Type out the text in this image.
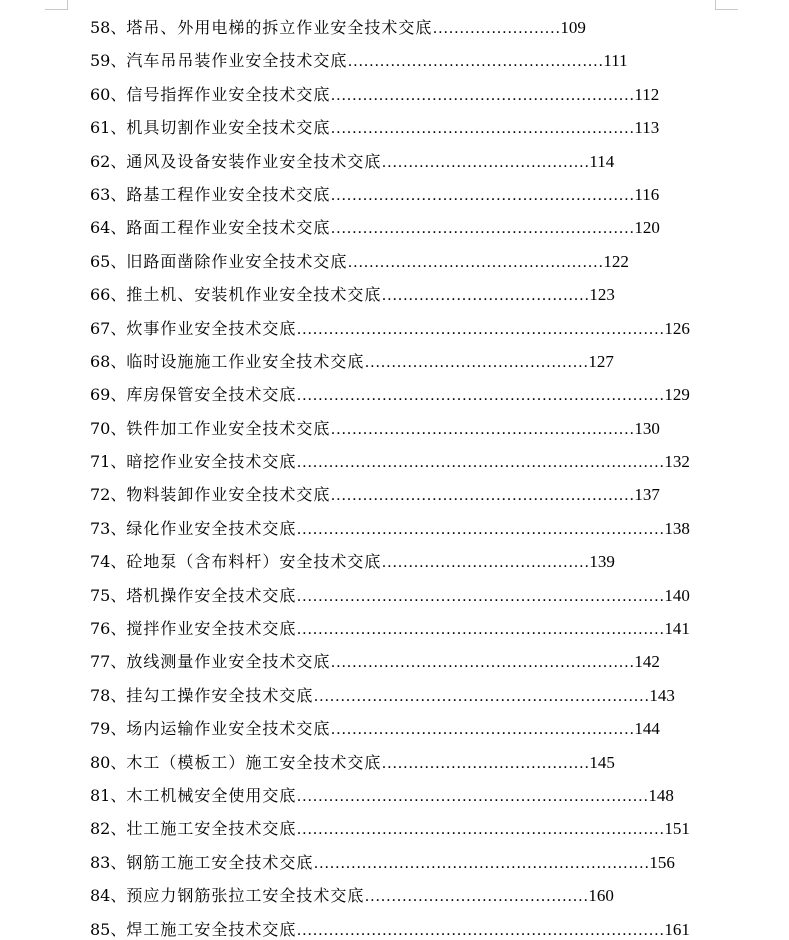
58、塔吊、外用电梯的拆立作业安全技术交底……………………109
59、汽车吊吊装作业安全技术交底…………………………………………111
60、信号指挥作业安全技术交底…………………………………………………112
61、机具切割作业安全技术交底…………………………………………………113
62、通风及设备安装作业安全技术交底…………………………………114
63、路基工程作业安全技术交底…………………………………………………116
64、路面工程作业安全技术交底…………………………………………………120
65、旧路面凿除作业安全技术交底…………………………………………122
66、推土机、安装机作业安全技术交底…………………………………123
67、炊事作业安全技术交底……………………………………………………………126
68、临时设施施工作业安全技术交底……………………………………127
69、库房保管安全技术交底……………………………………………………………129
70、铁件加工作业安全技术交底…………………………………………………130
71、暗挖作业安全技术交底……………………………………………………………132
72、物料装卸作业安全技术交底…………………………………………………137
73、绿化作业安全技术交底……………………………………………………………138
74、砼地泵（含布料杆）安全技术交底…………………………………139
75、塔机操作安全技术交底……………………………………………………………140
76、搅拌作业安全技术交底……………………………………………………………141
77、放线测量作业安全技术交底…………………………………………………142
78、挂勾工操作安全技术交底………………………………………………………143
79、场内运输作业安全技术交底…………………………………………………144
80、木工（模板工）施工安全技术交底…………………………………145
81、木工机械安全使用交底…………………………………………………………148
82、壮工施工安全技术交底……………………………………………………………151
83、钢筋工施工安全技术交底………………………………………………………156
84、预应力钢筋张拉工安全技术交底……………………………………160
85、焊工施工安全技术交底……………………………………………………………161
